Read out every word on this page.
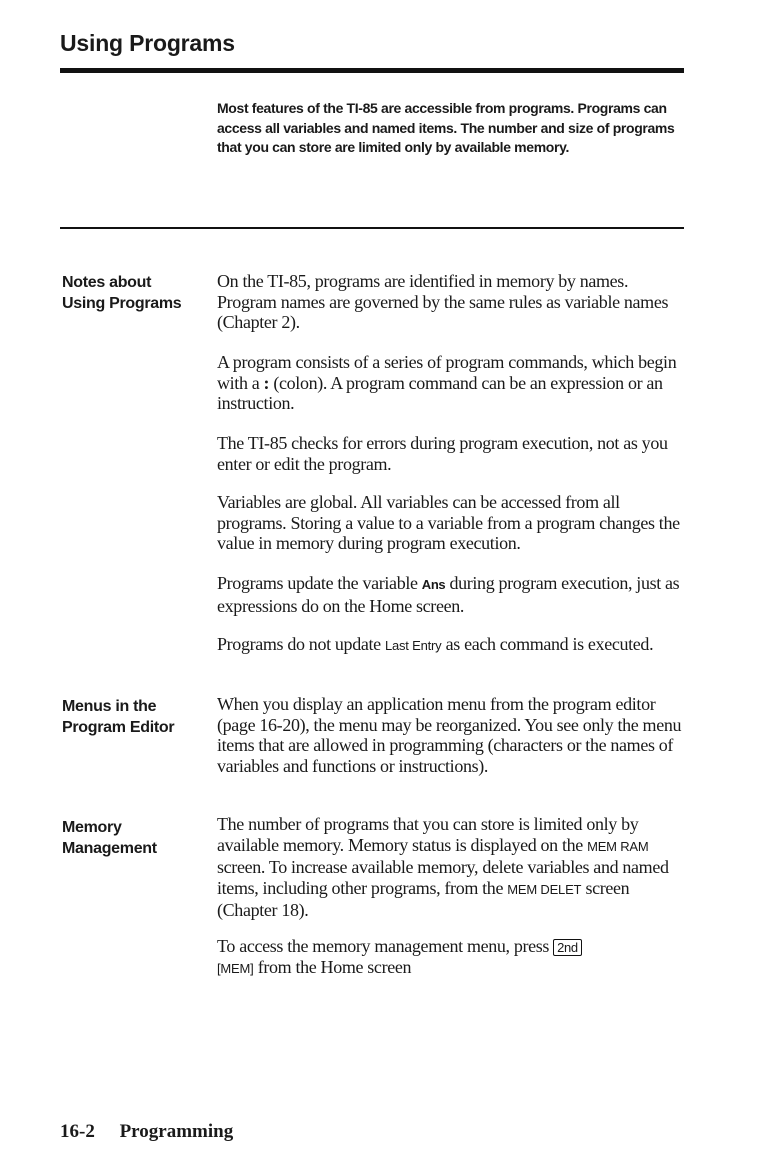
Using Programs
Most features of the TI-85 are accessible from programs. Programs can access all variables and named items. The number and size of programs that you can store are limited only by available memory.
Notes about
Using Programs

On the TI-85, programs are identified in memory by names. Program names are governed by the same rules as variable names (Chapter 2).

A program consists of a series of program commands, which begin with a : (colon). A program command can be an expression or an instruction.

The TI-85 checks for errors during program execution, not as you enter or edit the program.

Variables are global. All variables can be accessed from all programs. Storing a value to a variable from a program changes the value in memory during program execution.

Programs update the variable Ans during program execution, just as expressions do on the Home screen.

Programs do not update Last Entry as each command is executed.

Menus in the
Program Editor

When you display an application menu from the program editor (page 16-20), the menu may be reorganized. You see only the menu items that are allowed in programming (characters or the names of variables and functions or instructions).

Memory
Management

The number of programs that you can store is limited only by available memory. Memory status is displayed on the MEM RAM screen. To increase available memory, delete variables and named items, including other programs, from the MEM DELET screen (Chapter 18).

To access the memory management menu, press 2nd
[MEM] from the Home screen

16-2 Programming
